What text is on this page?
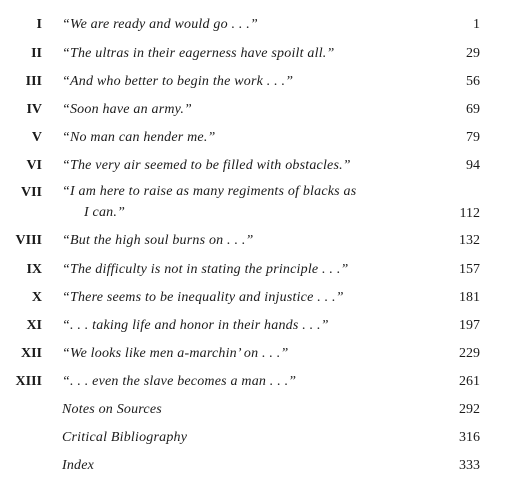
I “We are ready and would go . . .”	1
II “The ultras in their eagerness have spoilt all.”	29
III “And who better to begin the work . . .”	56
IV “Soon have an army.”	69
V “No man can hender me.”	79
VI “The very air seemed to be filled with obstacles.”	94
VII “I am here to raise as many regiments of blacks as
I can.”	112
VIII “But the high soul burns on . . .”	132
IX “The difficulty is not in stating the principle . . .”	157
X “There seems to be inequality and injustice . . .”	181
XI “. . . taking life and honor in their hands . . .”	197
XII “We looks like men a-marchin’ on . . .”	229
XIII “. . . even the slave becomes a man . . .”	261
Notes on Sources	292
Critical Bibliography	316
Index	333
